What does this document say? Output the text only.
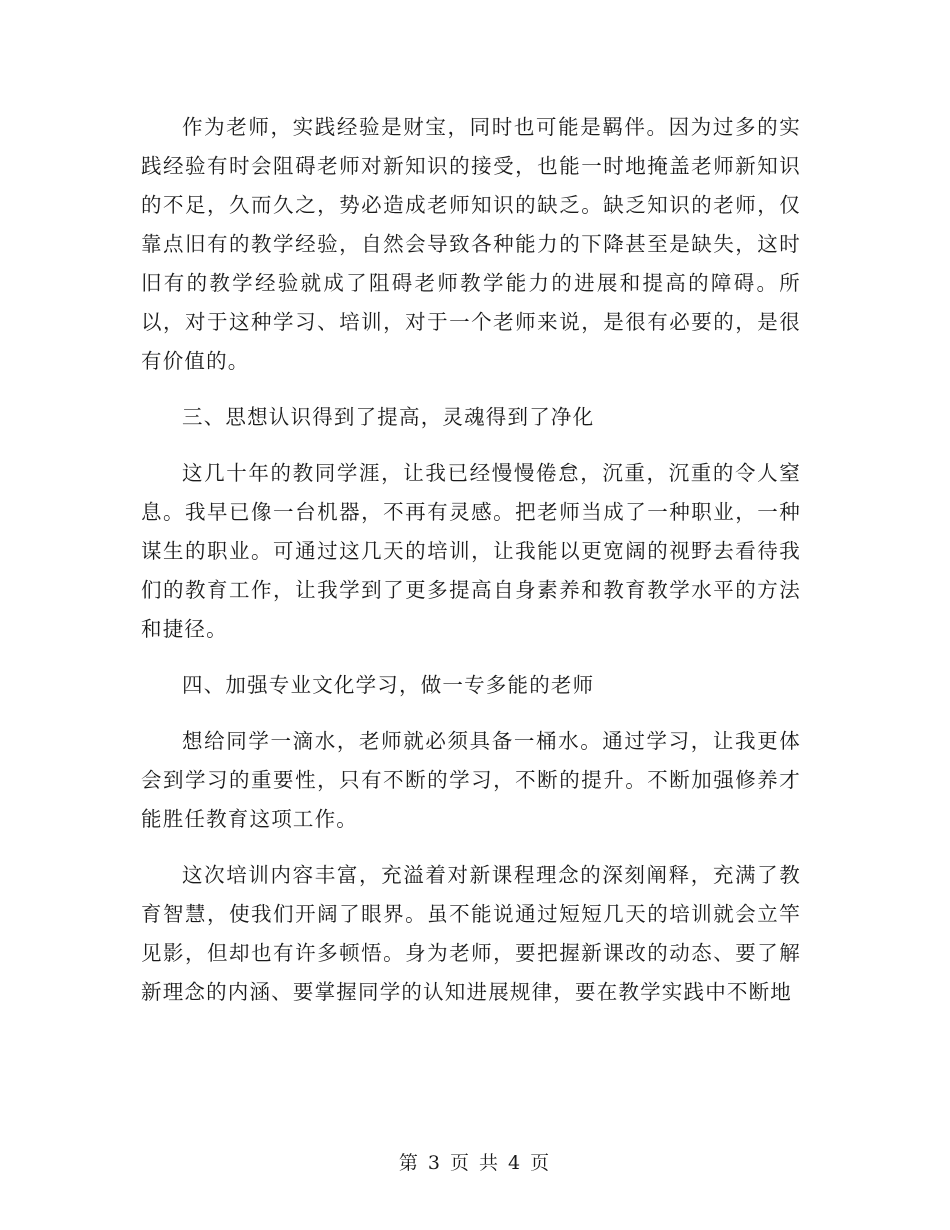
作为老师，实践经验是财宝，同时也可能是羁伴。因为过多的实践经验有时会阻碍老师对新知识的接受，也能一时地掩盖老师新知识的不足，久而久之，势必造成老师知识的缺乏。缺乏知识的老师，仅靠点旧有的教学经验，自然会导致各种能力的下降甚至是缺失，这时旧有的教学经验就成了阻碍老师教学能力的进展和提高的障碍。所以，对于这种学习、培训，对于一个老师来说，是很有必要的，是很有价值的。

三、思想认识得到了提高，灵魂得到了净化

这几十年的教同学涯，让我已经慢慢倦怠，沉重，沉重的令人窒息。我早已像一台机器，不再有灵感。把老师当成了一种职业，一种谋生的职业。可通过这几天的培训，让我能以更宽阔的视野去看待我们的教育工作，让我学到了更多提高自身素养和教育教学水平的方法和捷径。

四、加强专业文化学习，做一专多能的老师

想给同学一滴水，老师就必须具备一桶水。通过学习，让我更体会到学习的重要性，只有不断的学习，不断的提升。不断加强修养才能胜任教育这项工作。

这次培训内容丰富，充溢着对新课程理念的深刻阐释，充满了教育智慧，使我们开阔了眼界。虽不能说通过短短几天的培训就会立竿见影，但却也有许多顿悟。身为老师，要把握新课改的动态、要了解新理念的内涵、要掌握同学的认知进展规律，要在教学实践中不断地

第 3 页 共 4 页
